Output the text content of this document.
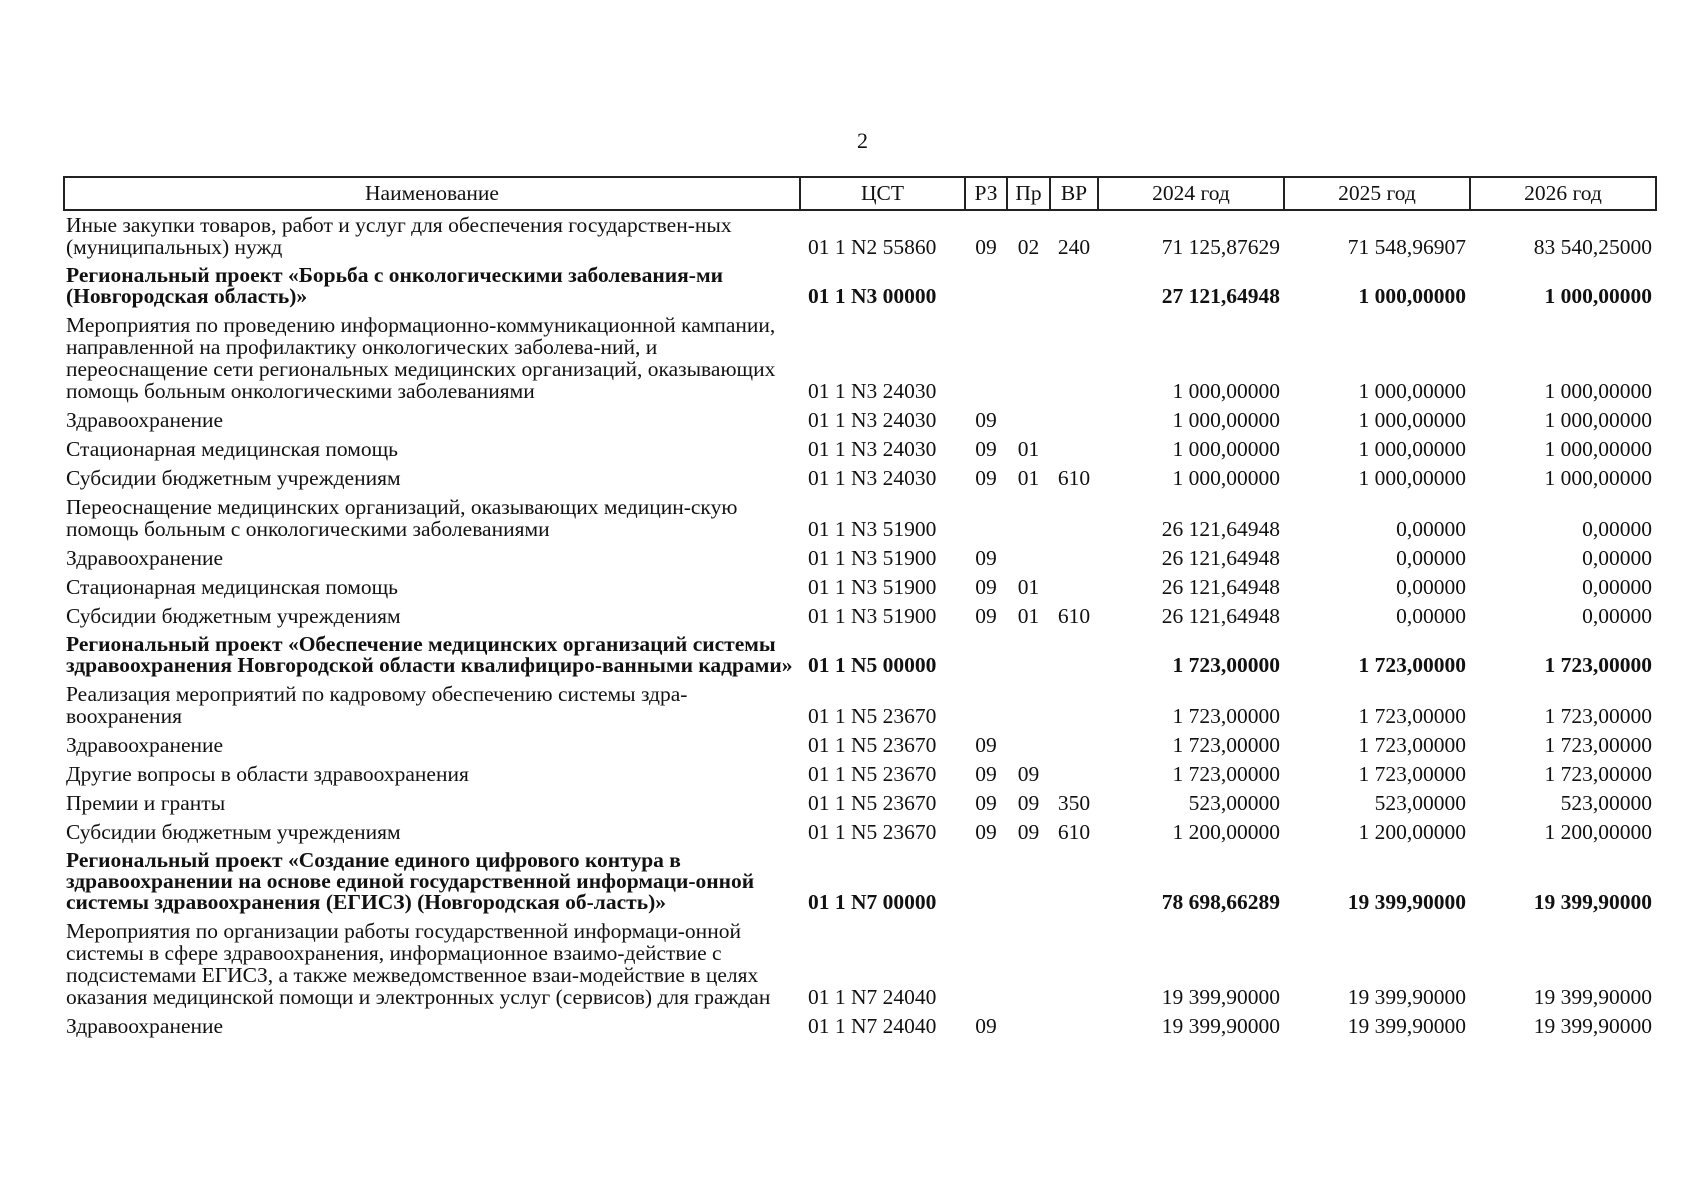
2
Наименование	ЦСТ	РЗ	Пр	ВР	2024 год	2025 год	2026 год
Иные закупки товаров, работ и услуг для обеспечения государствен-ных (муниципальных) нужд	01 1 N2 55860	09	02	240	71 125,87629	71 548,96907	83 540,25000
Региональный проект «Борьба с онкологическими заболевания-ми (Новгородская область)»	01 1 N3 00000				27 121,64948	1 000,00000	1 000,00000
Мероприятия по проведению информационно-коммуникационной кампании, направленной на профилактику онкологических заболева-ний, и переоснащение сети региональных медицинских организаций, оказывающих помощь больным онкологическими заболеваниями	01 1 N3 24030				1 000,00000	1 000,00000	1 000,00000
Здравоохранение	01 1 N3 24030	09			1 000,00000	1 000,00000	1 000,00000
Стационарная медицинская помощь	01 1 N3 24030	09	01		1 000,00000	1 000,00000	1 000,00000
Субсидии бюджетным учреждениям	01 1 N3 24030	09	01	610	1 000,00000	1 000,00000	1 000,00000
Переоснащение медицинских организаций, оказывающих медицин-скую помощь больным с онкологическими заболеваниями	01 1 N3 51900				26 121,64948	0,00000	0,00000
Здравоохранение	01 1 N3 51900	09			26 121,64948	0,00000	0,00000
Стационарная медицинская помощь	01 1 N3 51900	09	01		26 121,64948	0,00000	0,00000
Субсидии бюджетным учреждениям	01 1 N3 51900	09	01	610	26 121,64948	0,00000	0,00000
Региональный проект «Обеспечение медицинских организаций системы здравоохранения Новгородской области квалифициро-ванными кадрами»	01 1 N5 00000				1 723,00000	1 723,00000	1 723,00000
Реализация мероприятий по кадровому обеспечению системы здра-воохранения	01 1 N5 23670				1 723,00000	1 723,00000	1 723,00000
Здравоохранение	01 1 N5 23670	09			1 723,00000	1 723,00000	1 723,00000
Другие вопросы в области здравоохранения	01 1 N5 23670	09	09		1 723,00000	1 723,00000	1 723,00000
Премии и гранты	01 1 N5 23670	09	09	350	523,00000	523,00000	523,00000
Субсидии бюджетным учреждениям	01 1 N5 23670	09	09	610	1 200,00000	1 200,00000	1 200,00000
Региональный проект «Создание единого цифрового контура в здравоохранении на основе единой государственной информаци-онной системы здравоохранения (ЕГИСЗ) (Новгородская об-ласть)»	01 1 N7 00000				78 698,66289	19 399,90000	19 399,90000
Мероприятия по организации работы государственной информаци-онной системы в сфере здравоохранения, информационное взаимо-действие с подсистемами ЕГИСЗ, а также межведомственное взаи-модействие в целях оказания медицинской помощи и электронных услуг (сервисов) для граждан	01 1 N7 24040				19 399,90000	19 399,90000	19 399,90000
Здравоохранение	01 1 N7 24040	09			19 399,90000	19 399,90000	19 399,90000
